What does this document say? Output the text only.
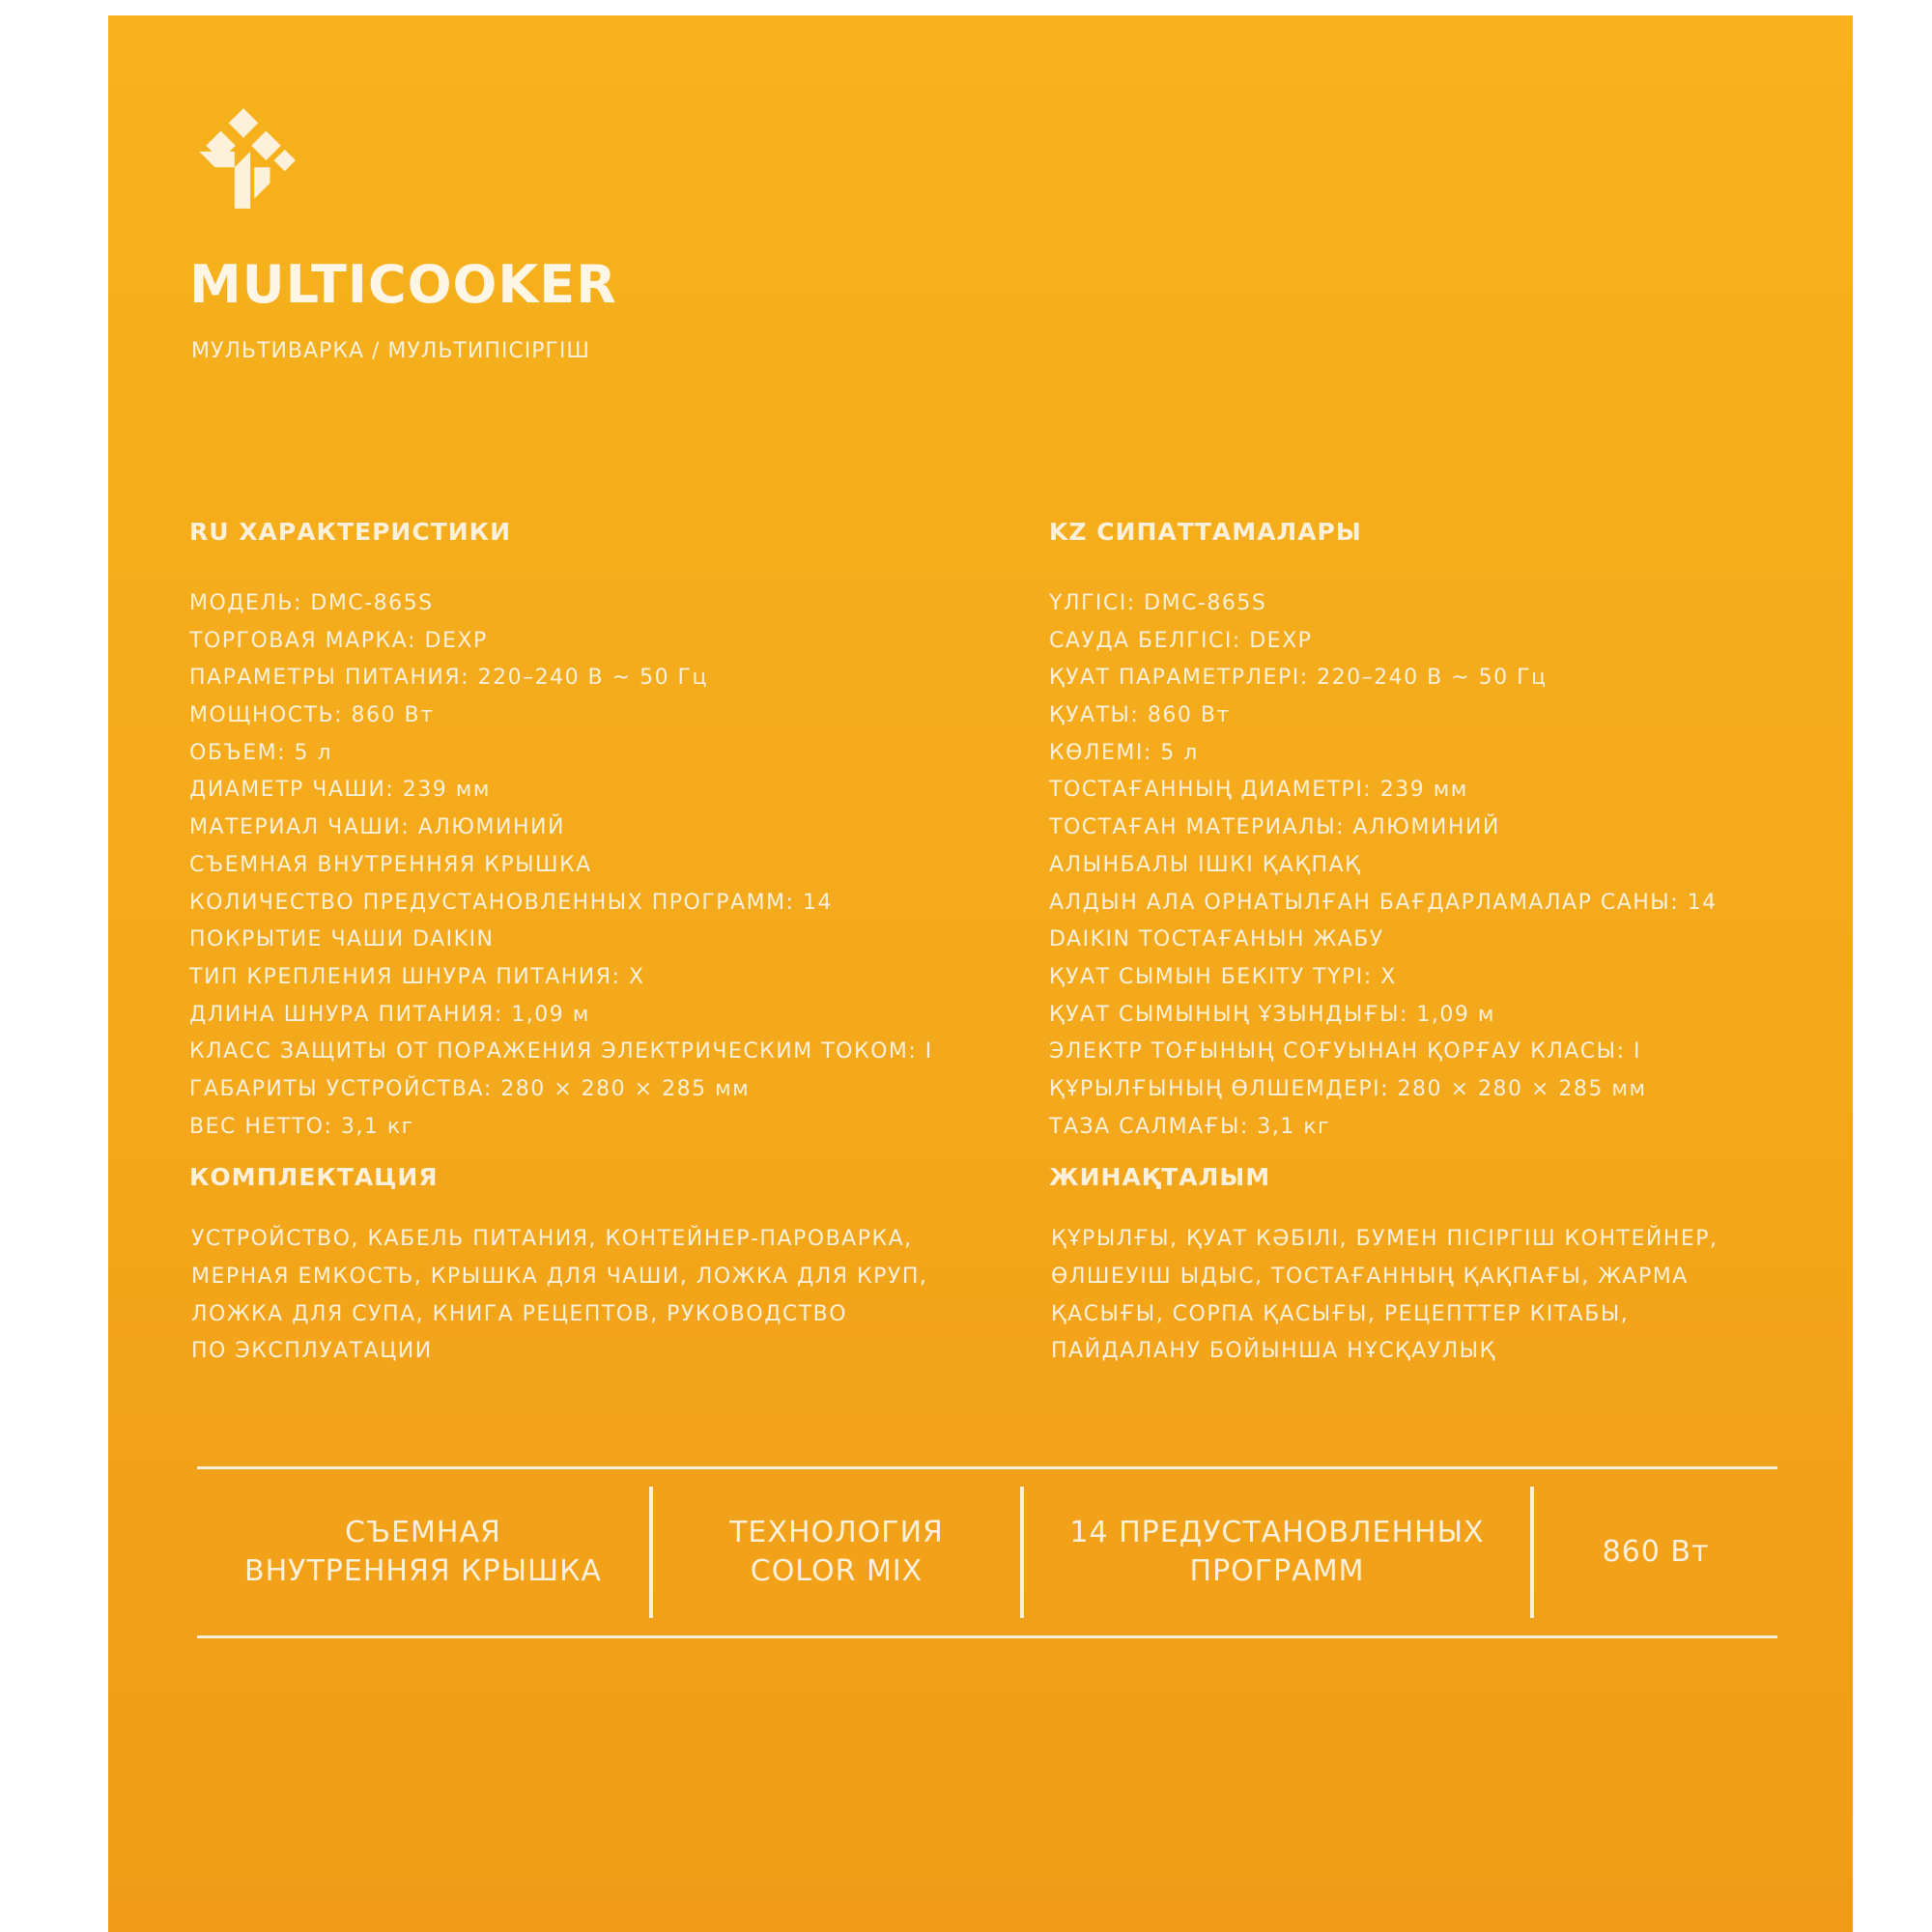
MULTICOOKER
МУЛЬТИВАРКА / МУЛЬТИПІСІРГІШ
RU ХАРАКТЕРИСТИКИ
МОДЕЛЬ: DMC-865S
ТОРГОВАЯ МАРКА: DEXP
ПАРАМЕТРЫ ПИТАНИЯ: 220–240 В ~ 50 Гц
МОЩНОСТЬ: 860 Вт
ОБЪЕМ: 5 л
ДИАМЕТР ЧАШИ: 239 мм
МАТЕРИАЛ ЧАШИ: АЛЮМИНИЙ
СЪЕМНАЯ ВНУТРЕННЯЯ КРЫШКА
КОЛИЧЕСТВО ПРЕДУСТАНОВЛЕННЫХ ПРОГРАММ: 14
ПОКРЫТИЕ ЧАШИ DAIKIN
ТИП КРЕПЛЕНИЯ ШНУРА ПИТАНИЯ: X
ДЛИНА ШНУРА ПИТАНИЯ: 1,09 м
КЛАСС ЗАЩИТЫ ОТ ПОРАЖЕНИЯ ЭЛЕКТРИЧЕСКИМ ТОКОМ: I
ГАБАРИТЫ УСТРОЙСТВА: 280 × 280 × 285 мм
ВЕС НЕТТО: 3,1 кг
КОМПЛЕКТАЦИЯ
УСТРОЙСТВО, КАБЕЛЬ ПИТАНИЯ, КОНТЕЙНЕР-ПАРОВАРКА,
МЕРНАЯ ЕМКОСТЬ, КРЫШКА ДЛЯ ЧАШИ, ЛОЖКА ДЛЯ КРУП,
ЛОЖКА ДЛЯ СУПА, КНИГА РЕЦЕПТОВ, РУКОВОДСТВО
ПО ЭКСПЛУАТАЦИИ
KZ СИПАТТАМАЛАРЫ
ҮЛГІСІ: DMC-865S
САУДА БЕЛГІСІ: DEXP
ҚУАТ ПАРАМЕТРЛЕРІ: 220–240 В ~ 50 Гц
ҚУАТЫ: 860 Вт
КӨЛЕМІ: 5 л
ТОСТАҒАННЫҢ ДИАМЕТРІ: 239 мм
ТОСТАҒАН МАТЕРИАЛЫ: АЛЮМИНИЙ
АЛЫНБАЛЫ ІШКІ ҚАҚПАҚ
АЛДЫН АЛА ОРНАТЫЛҒАН БАҒДАРЛАМАЛАР САНЫ: 14
DAIKIN ТОСТАҒАНЫН ЖАБУ
ҚУАТ СЫМЫН БЕКІТУ ТҮРІ: X
ҚУАТ СЫМЫНЫҢ ҰЗЫНДЫҒЫ: 1,09 м
ЭЛЕКТР ТОҒЫНЫҢ СОҒУЫНАН ҚОРҒАУ КЛАСЫ: I
ҚҰРЫЛҒЫНЫҢ ӨЛШЕМДЕРІ: 280 × 280 × 285 мм
ТАЗА САЛМАҒЫ: 3,1 кг
ЖИНАҚТАЛЫМ
ҚҰРЫЛҒЫ, ҚУАТ КӘБІЛІ, БУМЕН ПІСІРГІШ КОНТЕЙНЕР,
ӨЛШЕУІШ ЫДЫС, ТОСТАҒАННЫҢ ҚАҚПАҒЫ, ЖАРМА
ҚАСЫҒЫ, СОРПА ҚАСЫҒЫ, РЕЦЕПТТЕР КІТАБЫ,
ПАЙДАЛАНУ БОЙЫНША НҰСҚАУЛЫҚ
СЪЕМНАЯ
ВНУТРЕННЯЯ КРЫШКА
ТЕХНОЛОГИЯ
COLOR MIX
14 ПРЕДУСТАНОВЛЕННЫХ
ПРОГРАММ
860 Вт
